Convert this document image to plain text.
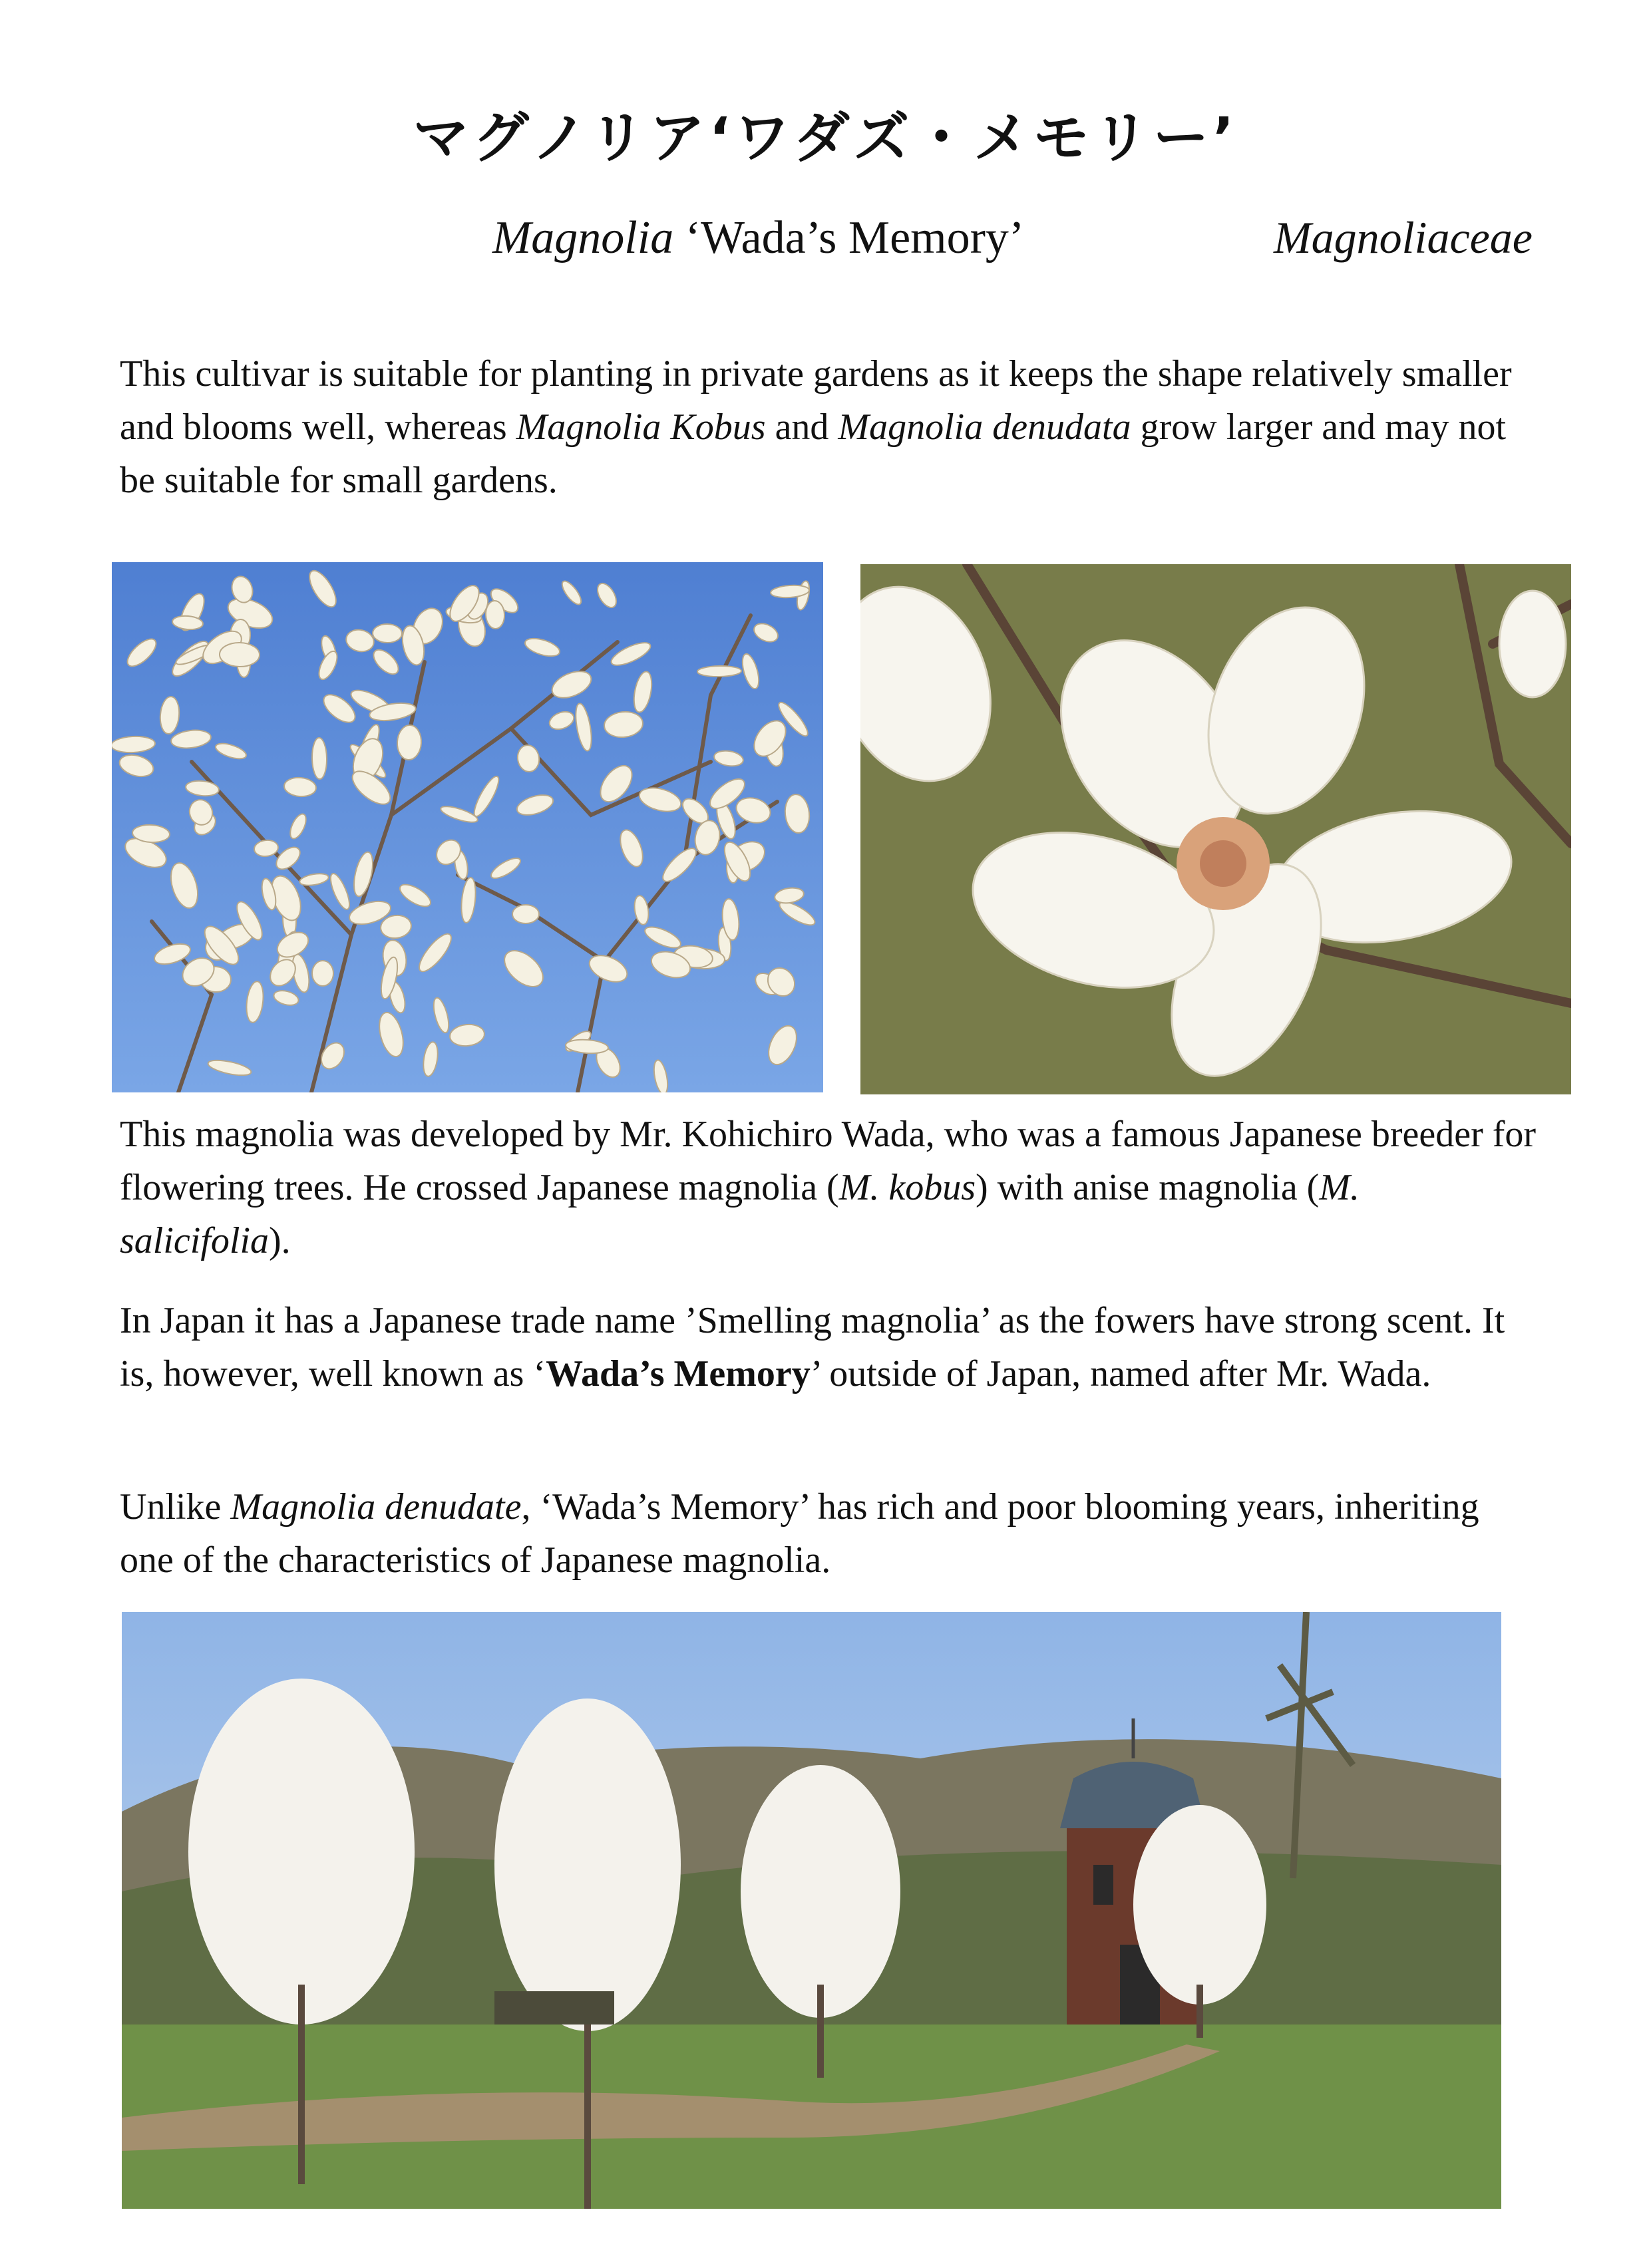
マグノリア‘ワダズ・メモリー’
Magnolia ‘Wada’s Memory’	Magnoliaceae

This cultivar is suitable for planting in private gardens as it keeps the shape relatively smaller and blooms well, whereas Magnolia Kobus and Magnolia denudata grow larger and may not be suitable for small gardens.

This magnolia was developed by Mr. Kohichiro Wada, who was a famous Japanese breeder for flowering trees. He crossed Japanese magnolia (M. kobus) with anise magnolia (M. salicifolia).

In Japan it has a Japanese trade name ’Smelling magnolia’ as the fowers have strong scent. It is, however, well known as ‘Wada’s Memory’ outside of Japan, named after Mr. Wada.

Unlike Magnolia denudate, ‘Wada’s Memory’ has rich and poor blooming years, inheriting one of the characteristics of Japanese magnolia.
